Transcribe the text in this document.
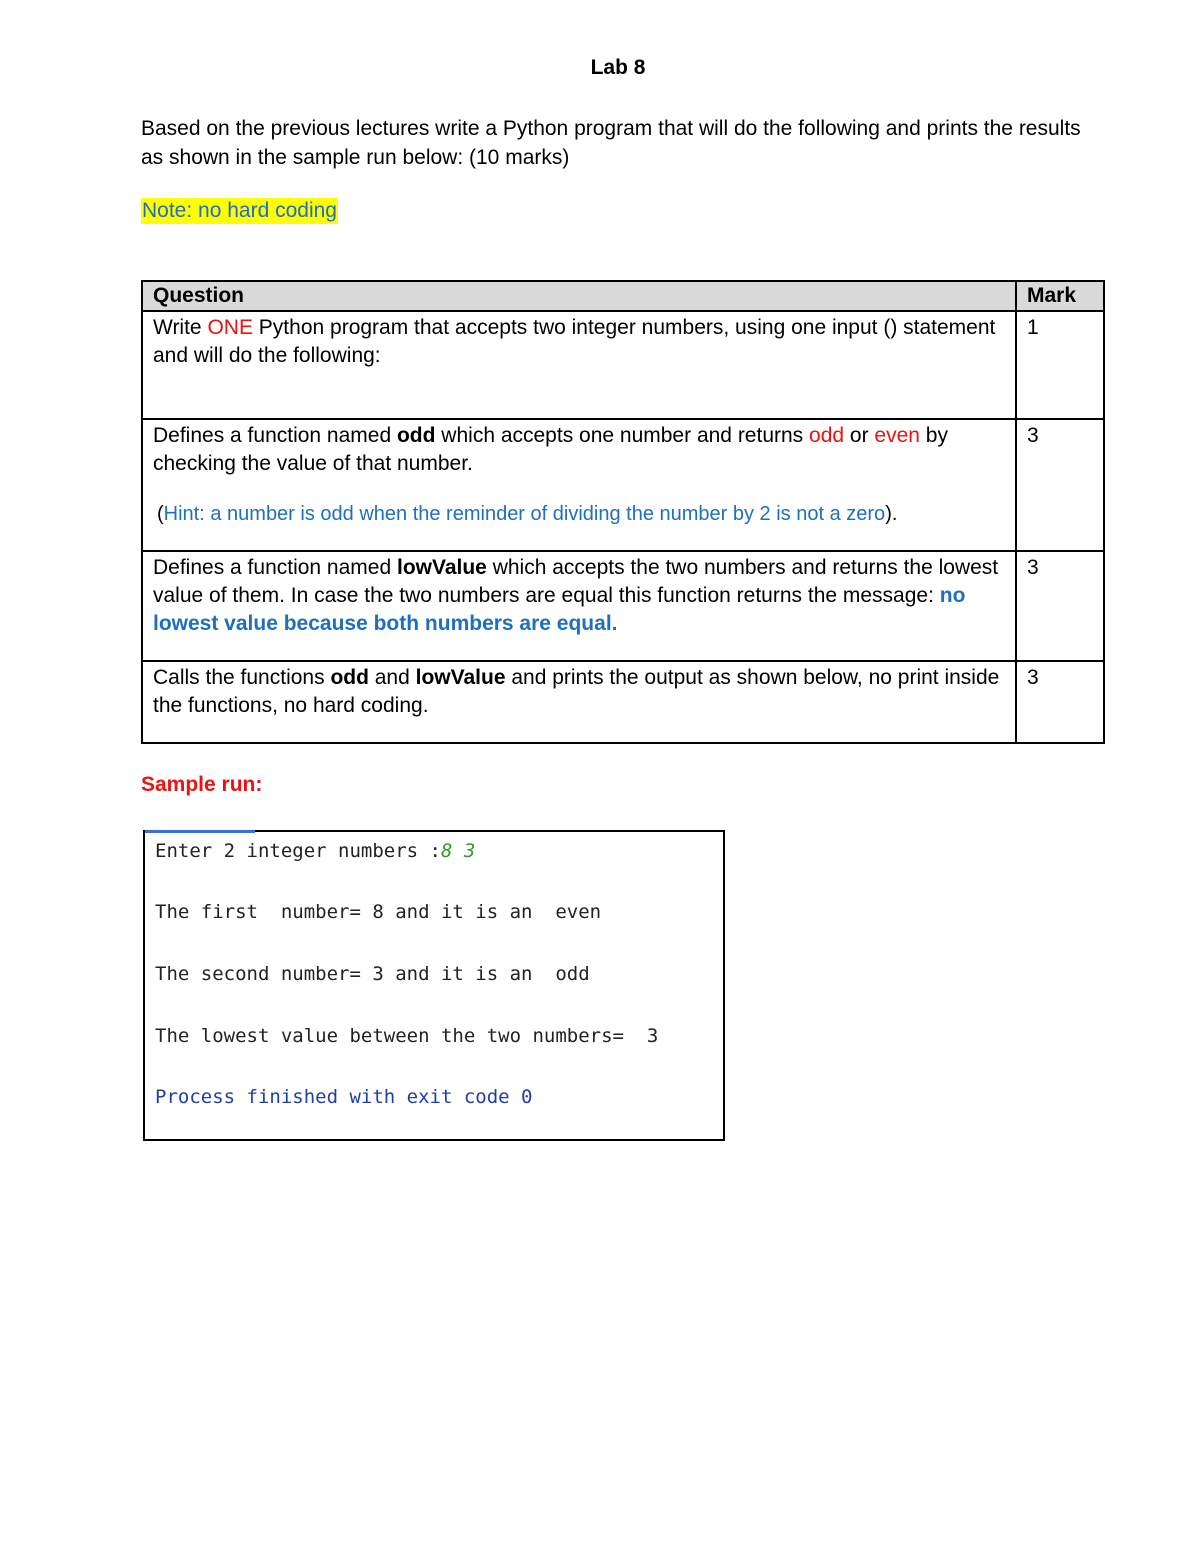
Lab 8
Based on the previous lectures write a Python program that will do the following and prints the results as shown in the sample run below: (10 marks)
Note: no hard coding
Question	Mark
Write ONE Python program that accepts two integer numbers, using one input () statement and will do the following:	1
Defines a function named odd which accepts one number and returns odd or even by checking the value of that number.
(Hint: a number is odd when the reminder of dividing the number by 2 is not a zero).	3
Defines a function named lowValue which accepts the two numbers and returns the lowest value of them. In case the two numbers are equal this function returns the message: no lowest value because both numbers are equal.	3
Calls the functions odd and lowValue and prints the output as shown below, no print inside the functions, no hard coding.	3
Sample run:
Enter 2 integer numbers :8 3
The first  number= 8 and it is an  even
The second number= 3 and it is an  odd
The lowest value between the two numbers=  3
Process finished with exit code 0
